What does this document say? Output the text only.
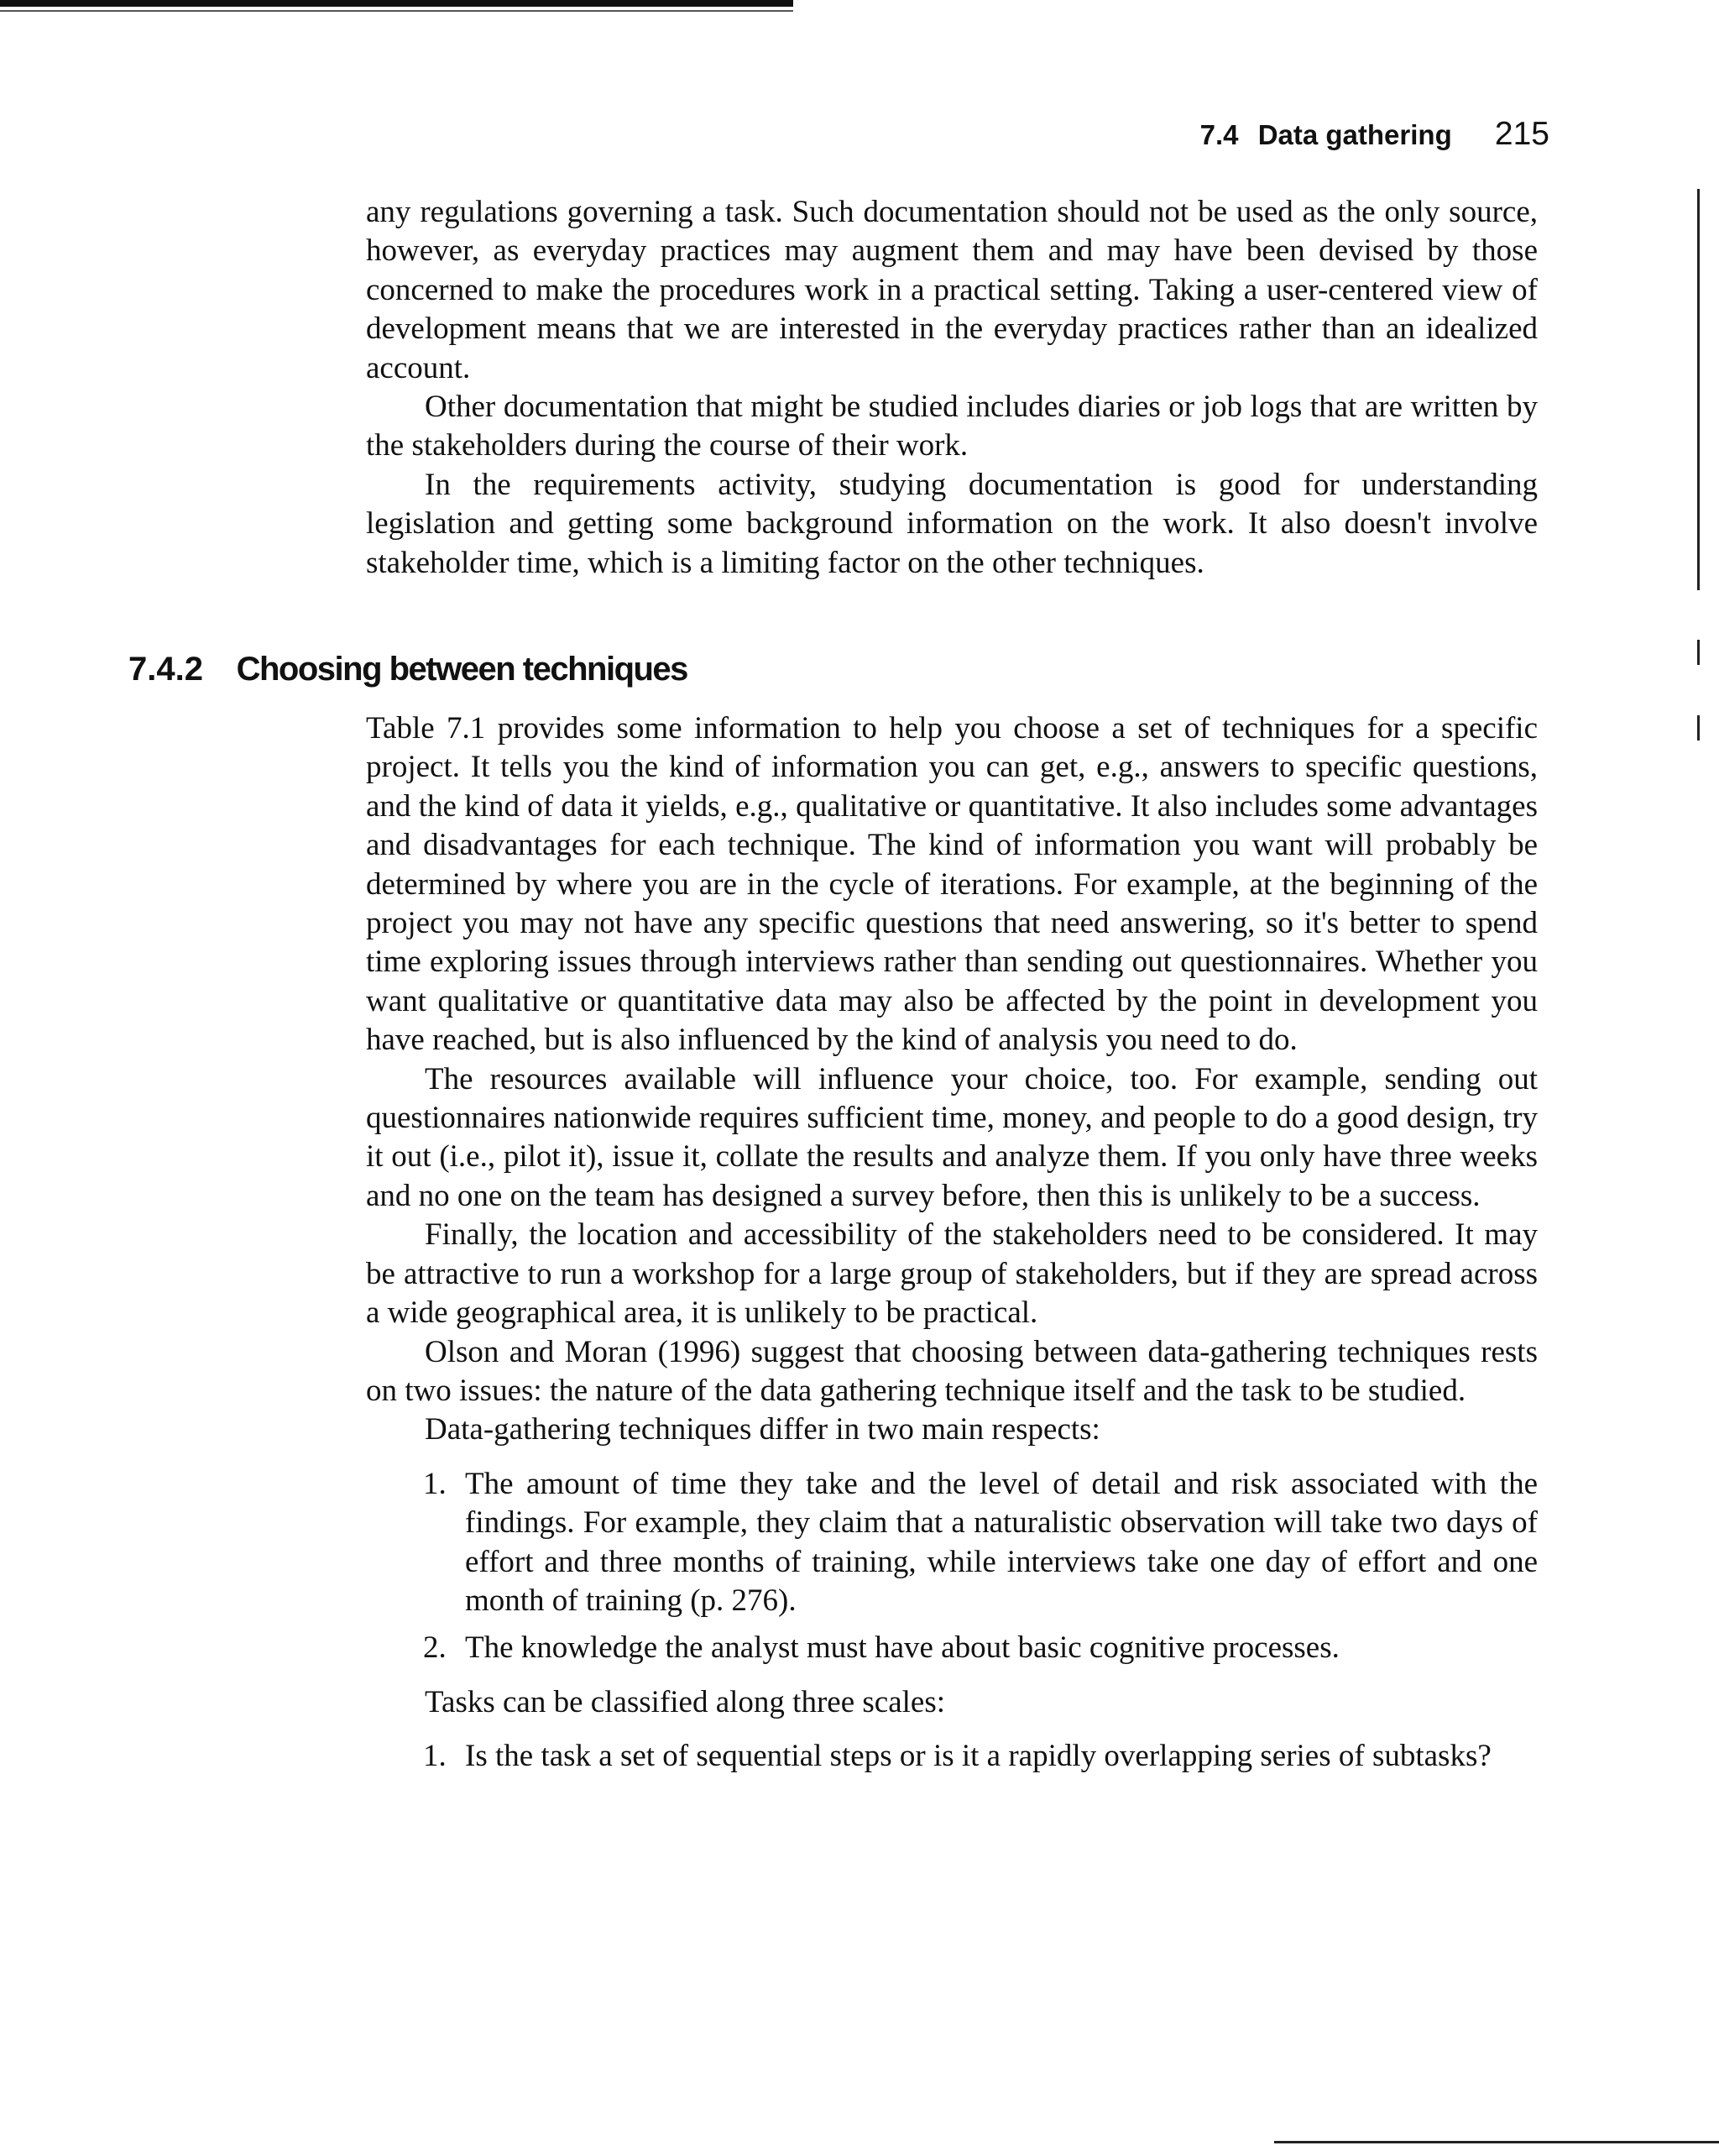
7.4 Data gathering 215

any regulations governing a task. Such documentation should not be used as the only source, however, as everyday practices may augment them and may have been devised by those concerned to make the procedures work in a practical setting. Taking a user-centered view of development means that we are interested in the everyday practices rather than an idealized account.

Other documentation that might be studied includes diaries or job logs that are written by the stakeholders during the course of their work.

In the requirements activity, studying documentation is good for understanding legislation and getting some background information on the work. It also doesn't involve stakeholder time, which is a limiting factor on the other techniques.

7.4.2 Choosing between techniques

Table 7.1 provides some information to help you choose a set of techniques for a specific project. It tells you the kind of information you can get, e.g., answers to specific questions, and the kind of data it yields, e.g., qualitative or quantitative. It also includes some advantages and disadvantages for each technique. The kind of information you want will probably be determined by where you are in the cycle of iterations. For example, at the beginning of the project you may not have any specific questions that need answering, so it's better to spend time exploring issues through interviews rather than sending out questionnaires. Whether you want qualitative or quantitative data may also be affected by the point in development you have reached, but is also influenced by the kind of analysis you need to do.

The resources available will influence your choice, too. For example, sending out questionnaires nationwide requires sufficient time, money, and people to do a good design, try it out (i.e., pilot it), issue it, collate the results and analyze them. If you only have three weeks and no one on the team has designed a survey before, then this is unlikely to be a success.

Finally, the location and accessibility of the stakeholders need to be considered. It may be attractive to run a workshop for a large group of stakeholders, but if they are spread across a wide geographical area, it is unlikely to be practical.

Olson and Moran (1996) suggest that choosing between data-gathering techniques rests on two issues: the nature of the data gathering technique itself and the task to be studied.

Data-gathering techniques differ in two main respects:

1. The amount of time they take and the level of detail and risk associated with the findings. For example, they claim that a naturalistic observation will take two days of effort and three months of training, while interviews take one day of effort and one month of training (p. 276).
2. The knowledge the analyst must have about basic cognitive processes.

Tasks can be classified along three scales:

1. Is the task a set of sequential steps or is it a rapidly overlapping series of subtasks?
